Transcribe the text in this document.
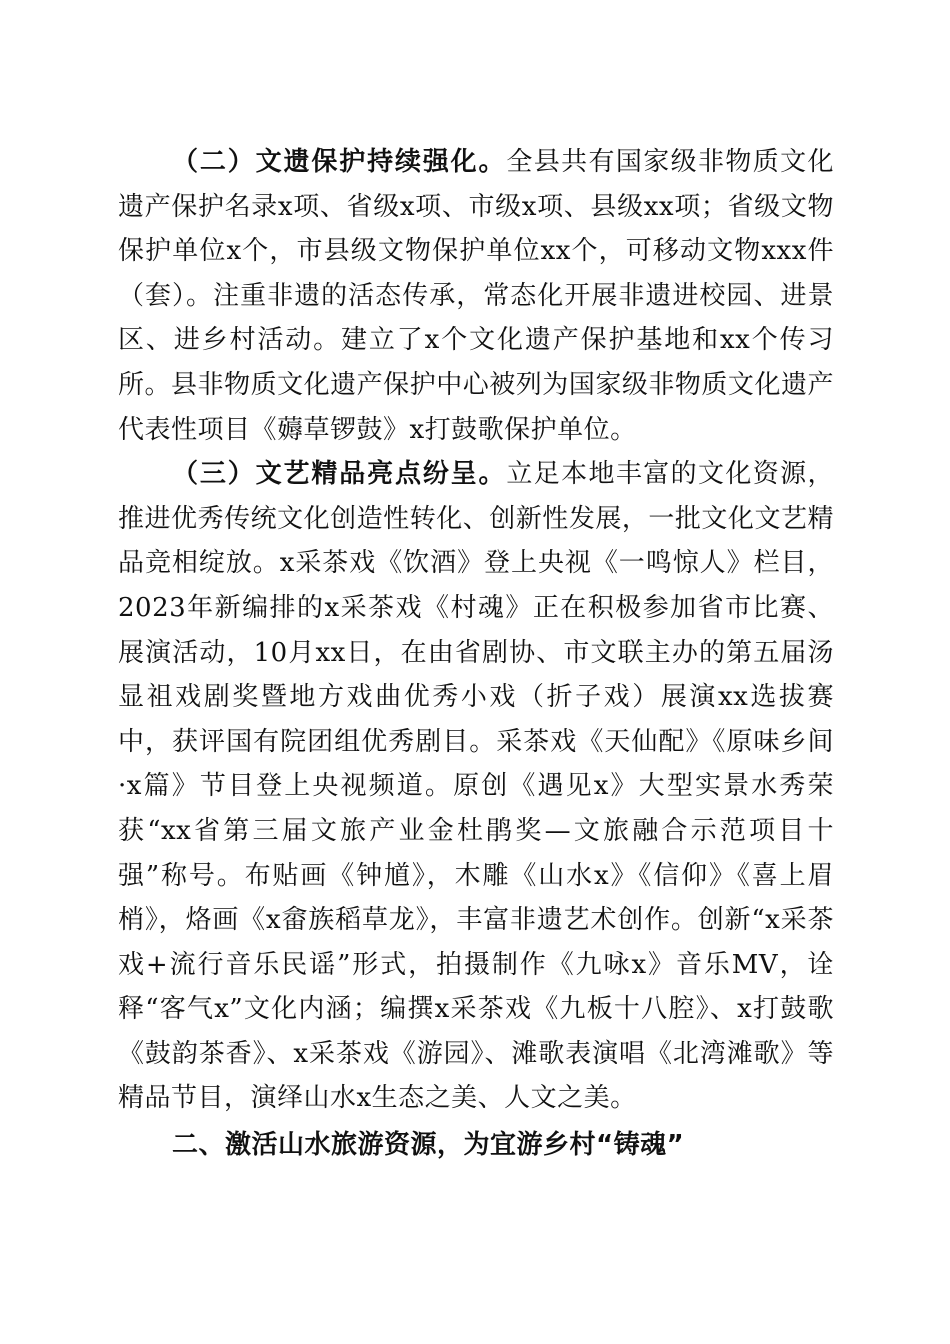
（二）文遗保护持续强化。全县共有国家级非物质文化遗产保护名录x项、省级x项、市级x项、县级xx项；省级文物保护单位x个，市县级文物保护单位xx个，可移动文物xxx件（套）。注重非遗的活态传承，常态化开展非遗进校园、进景区、进乡村活动。建立了x个文化遗产保护基地和xx个传习所。县非物质文化遗产保护中心被列为国家级非物质文化遗产代表性项目《薅草锣鼓》x打鼓歌保护单位。

（三）文艺精品亮点纷呈。立足本地丰富的文化资源，推进优秀传统文化创造性转化、创新性发展，一批文化文艺精品竞相绽放。x采茶戏《饮酒》登上央视《一鸣惊人》栏目，2023年新编排的x采茶戏《村魂》正在积极参加省市比赛、展演活动，10月xx日，在由省剧协、市文联主办的第五届汤显祖戏剧奖暨地方戏曲优秀小戏（折子戏）展演xx选拔赛中，获评国有院团组优秀剧目。采茶戏《天仙配》《原味乡间·x篇》节目登上央视频道。原创《遇见x》大型实景水秀荣获“xx省第三届文旅产业金杜鹃奖—文旅融合示范项目十强”称号。布贴画《钟馗》，木雕《山水x》《信仰》《喜上眉梢》，烙画《x畲族稻草龙》，丰富非遗艺术创作。创新“x采茶戏+流行音乐民谣”形式，拍摄制作《九咏x》音乐MV，诠释“客气x”文化内涵；编撰x采茶戏《九板十八腔》、x打鼓歌《鼓韵茶香》、x采茶戏《游园》、滩歌表演唱《北湾滩歌》等精品节目，演绎山水x生态之美、人文之美。

二、激活山水旅游资源，为宜游乡村“铸魂”
